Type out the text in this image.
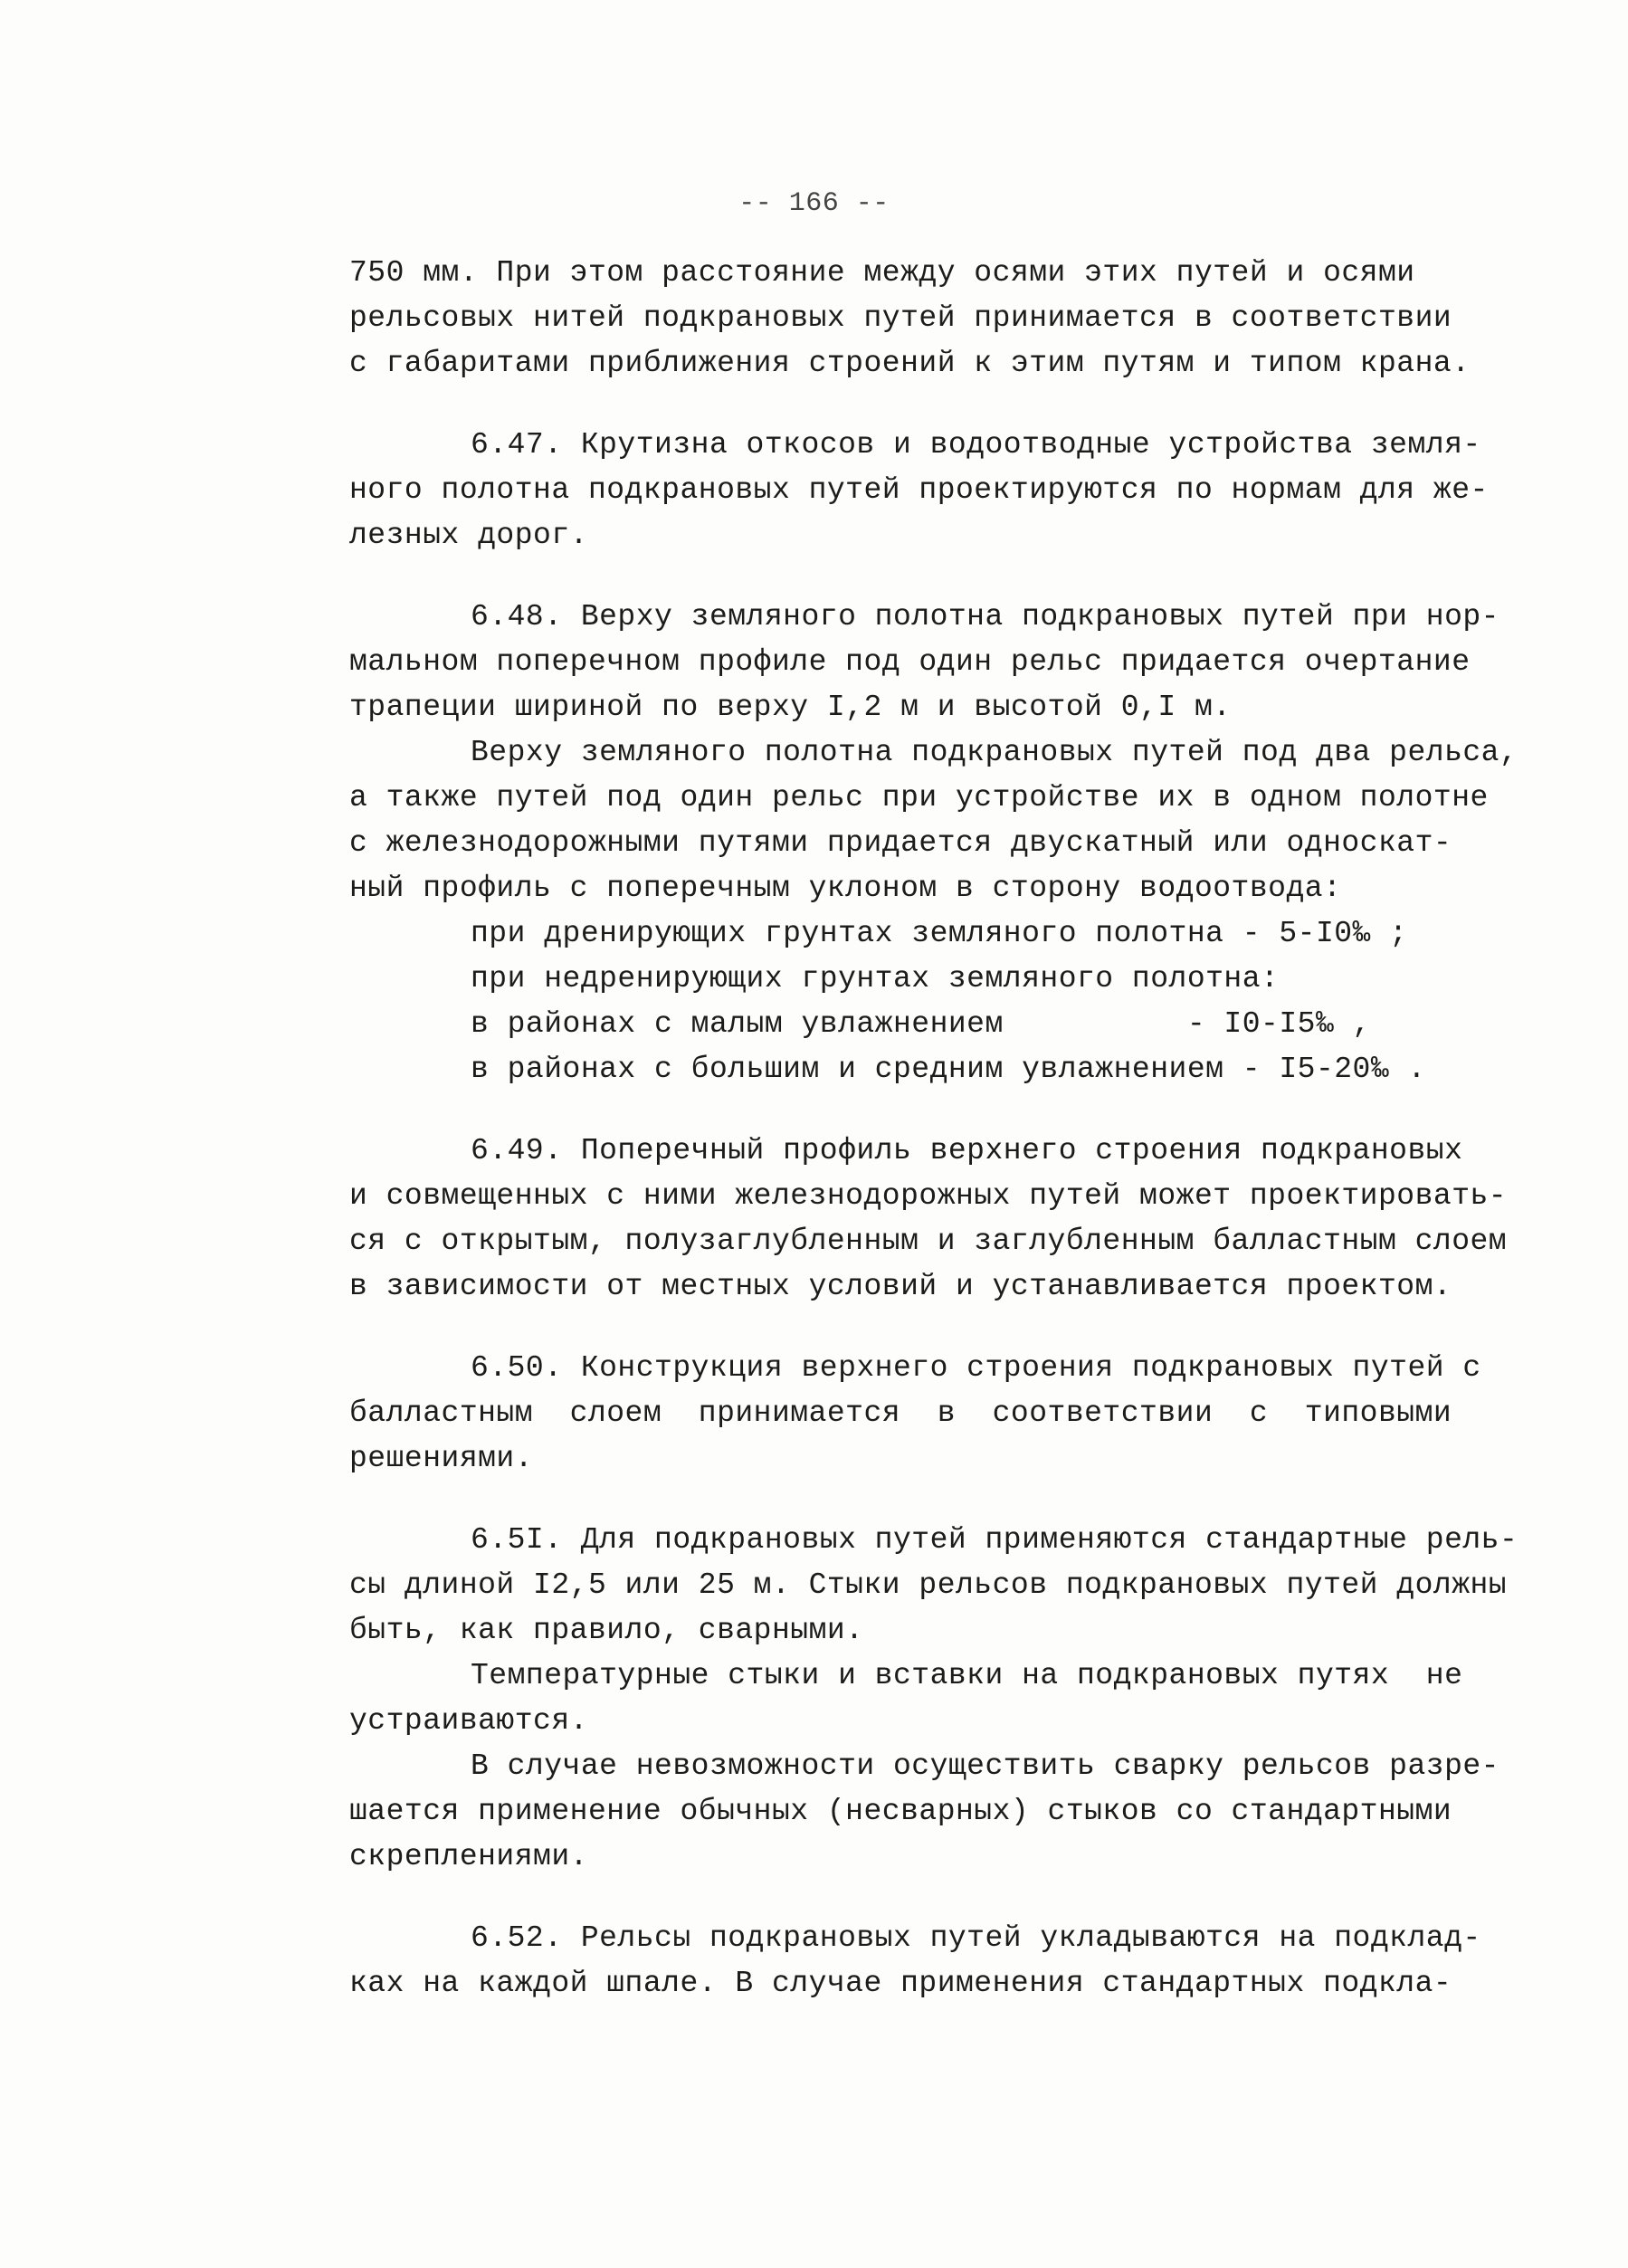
-- 166 --
750 мм. При этом расстояние между осями этих путей и осями
рельсовых нитей подкрановых путей принимается в соответствии
с габаритами приближения строений к этим путям и типом крана.
6.47. Крутизна откосов и водоотводные устройства земля-
ного полотна подкрановых путей проектируются по нормам для же-
лезных дорог.
6.48. Верху земляного полотна подкрановых путей при нор-
мальном поперечном профиле под один рельс придается очертание
трапеции шириной по верху I,2 м и высотой 0,I м.
Верху земляного полотна подкрановых путей под два рельса,
а также путей под один рельс при устройстве их в одном полотне
с железнодорожными путями придается двускатный или односкат-
ный профиль с поперечным уклоном в сторону водоотвода:
при дренирующих грунтах земляного полотна - 5-I0‰ ;
при недренирующих грунтах земляного полотна:
в районах с малым увлажнением          - I0-I5‰ ,
в районах с большим и средним увлажнением - I5-20‰ .
6.49. Поперечный профиль верхнего строения подкрановых
и совмещенных с ними железнодорожных путей может проектировать-
ся с открытым, полузаглубленным и заглубленным балластным слоем
в зависимости от местных условий и устанавливается проектом.
6.50. Конструкция верхнего строения подкрановых путей с
балластным  слоем  принимается  в  соответствии  с  типовыми
решениями.
6.5I. Для подкрановых путей применяются стандартные рель-
сы длиной I2,5 или 25 м. Стыки рельсов подкрановых путей должны
быть, как правило, сварными.
Температурные стыки и вставки на подкрановых путях  не
устраиваются.
В случае невозможности осуществить сварку рельсов разре-
шается применение обычных (несварных) стыков со стандартными
скреплениями.
6.52. Рельсы подкрановых путей укладываются на подклад-
ках на каждой шпале. В случае применения стандартных подкла-
